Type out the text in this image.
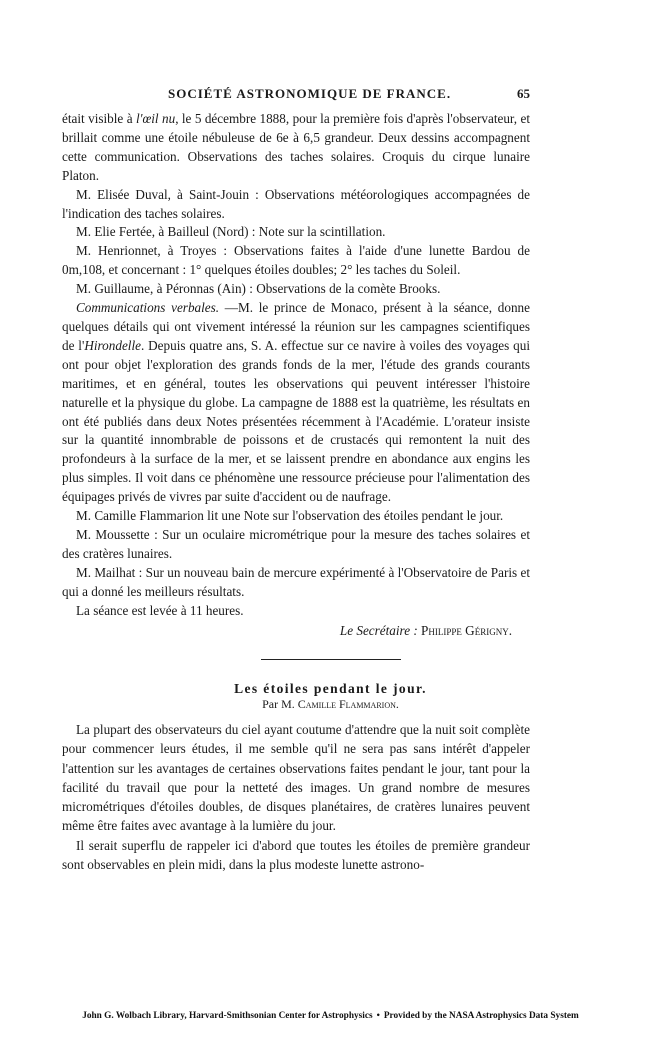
SOCIÉTÉ ASTRONOMIQUE DE FRANCE.	65

était visible à l'œil nu, le 5 décembre 1888, pour la première fois d'après l'observateur, et brillait comme une étoile nébuleuse de 6e à 6,5 grandeur. Deux dessins accompagnent cette communication. Observations des taches solaires. Croquis du cirque lunaire Platon.

M. Elisée Duval, à Saint-Jouin : Observations météorologiques accompagnées de l'indication des taches solaires.

M. Elie Fertée, à Bailleul (Nord) : Note sur la scintillation.

M. Henrionnet, à Troyes : Observations faites à l'aide d'une lunette Bardou de 0m,108, et concernant : 1° quelques étoiles doubles; 2° les taches du Soleil.

M. Guillaume, à Péronnas (Ain) : Observations de la comète Brooks.

Communications verbales. —M. le prince de Monaco, présent à la séance, donne quelques détails qui ont vivement intéressé la réunion sur les campagnes scientifiques de l'Hirondelle. Depuis quatre ans, S. A. effectue sur ce navire à voiles des voyages qui ont pour objet l'exploration des grands fonds de la mer, l'étude des grands courants maritimes, et en général, toutes les observations qui peuvent intéresser l'histoire naturelle et la physique du globe. La campagne de 1888 est la quatrième, les résultats en ont été publiés dans deux Notes présentées récemment à l'Académie. L'orateur insiste sur la quantité innombrable de poissons et de crustacés qui remontent la nuit des profondeurs à la surface de la mer, et se laissent prendre en abondance aux engins les plus simples. Il voit dans ce phénomène une ressource précieuse pour l'alimentation des équipages privés de vivres par suite d'accident ou de naufrage.

M. Camille Flammarion lit une Note sur l'observation des étoiles pendant le jour.

M. Moussette : Sur un oculaire micrométrique pour la mesure des taches solaires et des cratères lunaires.

M. Mailhat : Sur un nouveau bain de mercure expérimenté à l'Observatoire de Paris et qui a donné les meilleurs résultats.

La séance est levée à 11 heures.

Le Secrétaire : Philippe Gérigny.

Les étoiles pendant le jour.
Par M. Camille Flammarion.

La plupart des observateurs du ciel ayant coutume d'attendre que la nuit soit complète pour commencer leurs études, il me semble qu'il ne sera pas sans intérêt d'appeler l'attention sur les avantages de certaines observations faites pendant le jour, tant pour la facilité du travail que pour la netteté des images. Un grand nombre de mesures micrométriques d'étoiles doubles, de disques planétaires, de cratères lunaires peuvent même être faites avec avantage à la lumière du jour.

Il serait superflu de rappeler ici d'abord que toutes les étoiles de première grandeur sont observables en plein midi, dans la plus modeste lunette astrono-

John G. Wolbach Library, Harvard-Smithsonian Center for Astrophysics • Provided by the NASA Astrophysics Data System
